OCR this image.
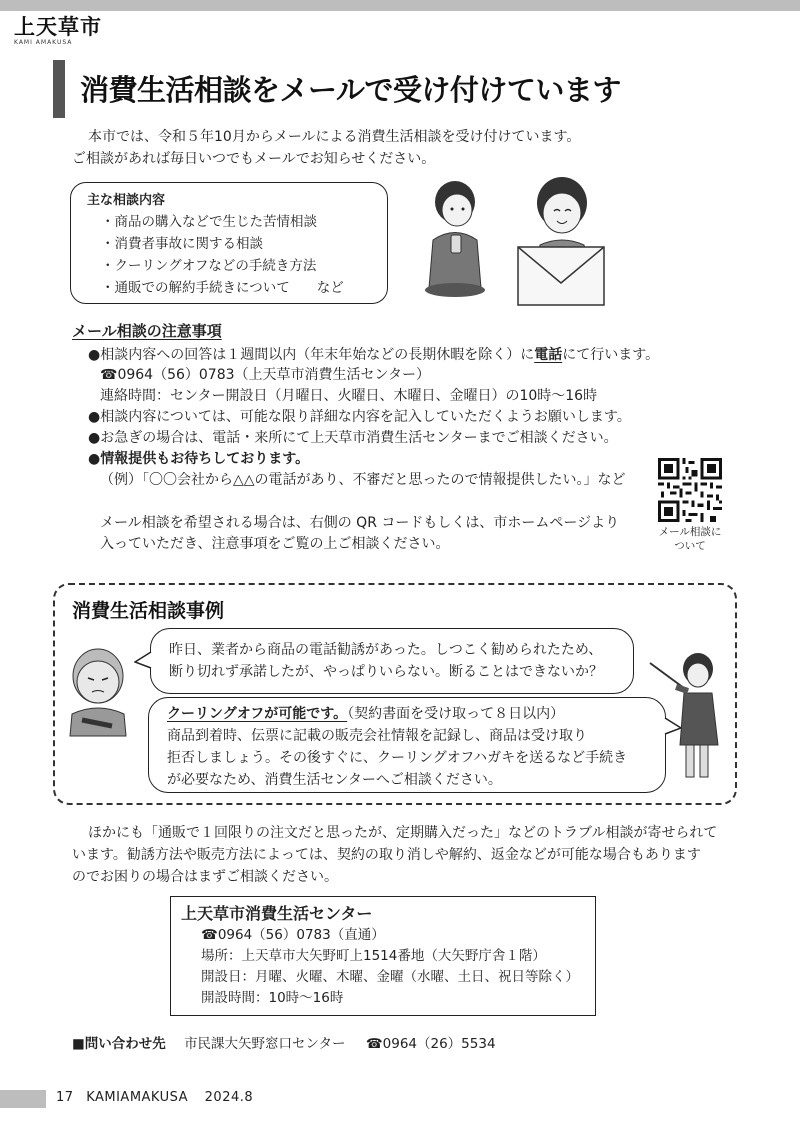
上天草市
KAMI AMAKUSA
消費生活相談をメールで受け付けています
本市では、令和５年10月からメールによる消費生活相談を受け付けています。
ご相談があれば毎日いつでもメールでお知らせください。
主な相談内容
・商品の購入などで生じた苦情相談
・消費者事故に関する相談
・クーリングオフなどの手続き方法
・通販での解約手続きについて　　など
メール相談の注意事項
●相談内容への回答は１週間以内（年末年始などの長期休暇を除く）に電話にて行います。
☎0964（56）0783（上天草市消費生活センター）
連絡時間：センター開設日（月曜日、火曜日、木曜日、金曜日）の10時～16時
●相談内容については、可能な限り詳細な内容を記入していただくようお願いします。
●お急ぎの場合は、電話・来所にて上天草市消費生活センターまでご相談ください。
●情報提供もお待ちしております。
（例）「〇〇会社から△△の電話があり、不審だと思ったので情報提供したい。」など
メール相談を希望される場合は、右側の QR コードもしくは、市ホームページより
入っていただき、注意事項をご覧の上ご相談ください。
メール相談に
ついて
消費生活相談事例
昨日、業者から商品の電話勧誘があった。しつこく勧められたため、
断り切れず承諾したが、やっぱりいらない。断ることはできないか？
クーリングオフが可能です。（契約書面を受け取って８日以内）
商品到着時、伝票に記載の販売会社情報を記録し、商品は受け取り
拒否しましょう。その後すぐに、クーリングオフハガキを送るなど手続き
が必要なため、消費生活センターへご相談ください。
ほかにも「通販で１回限りの注文だと思ったが、定期購入だった」などのトラブル相談が寄せられて
います。勧誘方法や販売方法によっては、契約の取り消しや解約、返金などが可能な場合もあります
のでお困りの場合はまずご相談ください。
上天草市消費生活センター
☎0964（56）0783（直通）
場所：上天草市大矢野町上1514番地（大矢野庁舎１階）
開設日：月曜、火曜、木曜、金曜（水曜、土日、祝日等除く）
開設時間：10時～16時
■問い合わせ先 市民課大矢野窓口センター ☎0964（26）5534
17 KAMIAMAKUSA 2024.8
